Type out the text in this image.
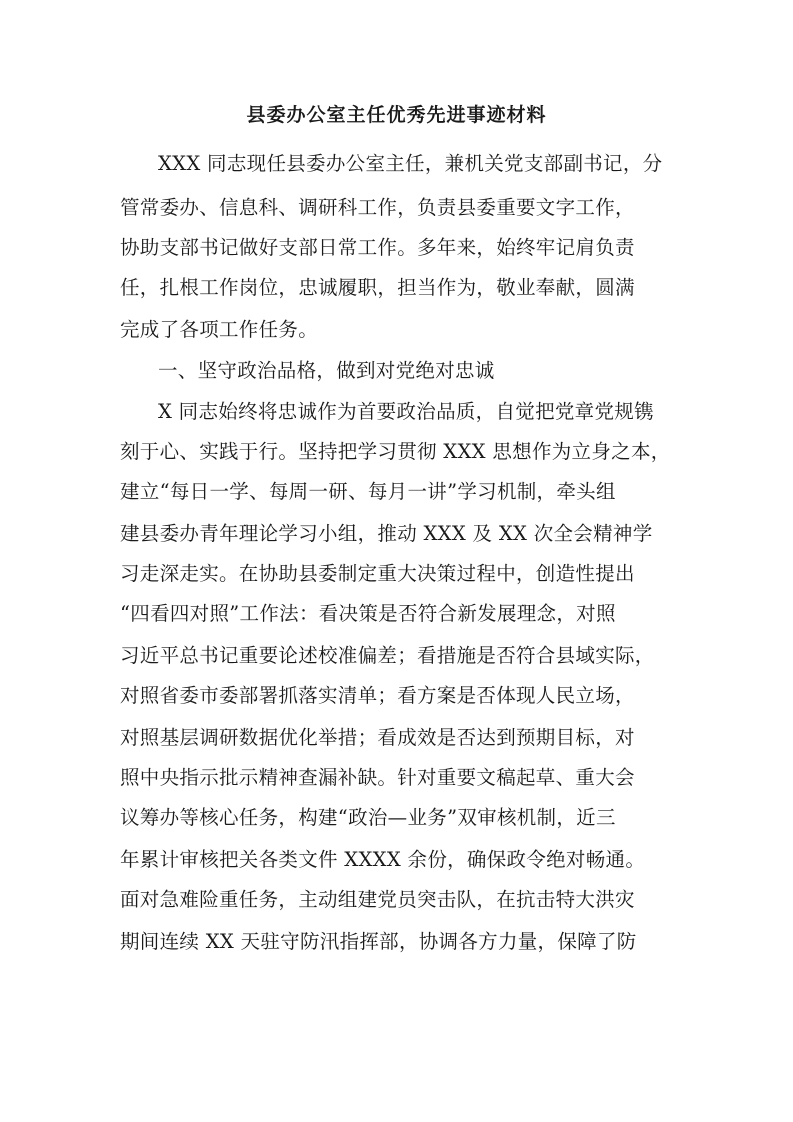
县委办公室主任优秀先进事迹材料
XXX 同志现任县委办公室主任，兼机关党支部副书记，分
管常委办、信息科、调研科工作，负责县委重要文字工作，
协助支部书记做好支部日常工作。多年来，始终牢记肩负责
任，扎根工作岗位，忠诚履职，担当作为，敬业奉献，圆满
完成了各项工作任务。
一、坚守政治品格，做到对党绝对忠诚
X 同志始终将忠诚作为首要政治品质，自觉把党章党规镌
刻于心、实践于行。坚持把学习贯彻 XXX 思想作为立身之本，
建立“每日一学、每周一研、每月一讲”学习机制，牵头组
建县委办青年理论学习小组，推动 XXX 及 XX 次全会精神学
习走深走实。在协助县委制定重大决策过程中，创造性提出
“四看四对照”工作法：看决策是否符合新发展理念，对照
习近平总书记重要论述校准偏差；看措施是否符合县域实际，
对照省委市委部署抓落实清单；看方案是否体现人民立场，
对照基层调研数据优化举措；看成效是否达到预期目标，对
照中央指示批示精神查漏补缺。针对重要文稿起草、重大会
议筹办等核心任务，构建“政治—业务”双审核机制，近三
年累计审核把关各类文件 XXXX 余份，确保政令绝对畅通。
面对急难险重任务，主动组建党员突击队，在抗击特大洪灾
期间连续 XX 天驻守防汛指挥部，协调各方力量，保障了防
